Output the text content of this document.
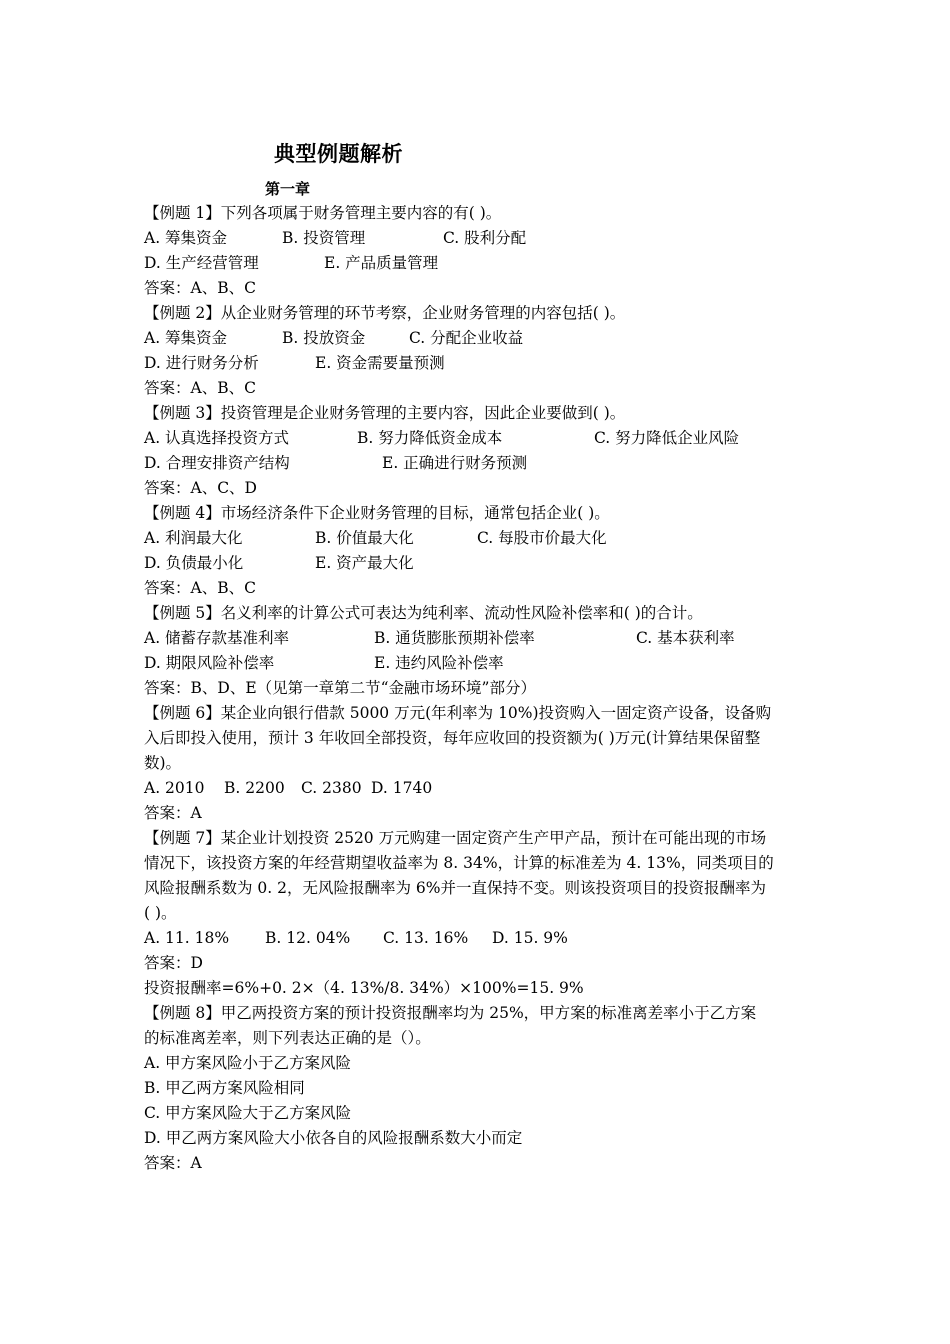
典型例题解析
第一章
【例题 1】下列各项属于财务管理主要内容的有( )。
A. 筹集资金	B. 投资管理	C. 股利分配
D. 生产经营管理	E. 产品质量管理
答案：A、B、C
【例题 2】从企业财务管理的环节考察，企业财务管理的内容包括( )。
A. 筹集资金	B. 投放资金	C. 分配企业收益
D. 进行财务分析	E. 资金需要量预测
答案：A、B、C
【例题 3】投资管理是企业财务管理的主要内容，因此企业要做到( )。
A. 认真选择投资方式	B. 努力降低资金成本	C. 努力降低企业风险
D. 合理安排资产结构	E. 正确进行财务预测
答案：A、C、D
【例题 4】市场经济条件下企业财务管理的目标，通常包括企业( )。
A. 利润最大化	B. 价值最大化	C. 每股市价最大化
D. 负债最小化	E. 资产最大化
答案：A、B、C
【例题 5】名义利率的计算公式可表达为纯利率、流动性风险补偿率和( )的合计。
A. 储蓄存款基准利率	B. 通货膨胀预期补偿率	C. 基本获利率
D. 期限风险补偿率	E. 违约风险补偿率
答案：B、D、E（见第一章第二节“金融市场环境”部分）
【例题 6】某企业向银行借款 5000 万元(年利率为 10%)投资购入一固定资产设备，设备购
入后即投入使用，预计 3 年收回全部投资，每年应收回的投资额为( )万元(计算结果保留整
数)。
A. 2010 B. 2200 C. 2380 D. 1740
答案：A
【例题 7】某企业计划投资 2520 万元购建一固定资产生产甲产品，预计在可能出现的市场
情况下，该投资方案的年经营期望收益率为 8. 34%，计算的标准差为 4. 13%，同类项目的
风险报酬系数为 0. 2，无风险报酬率为 6%并一直保持不变。则该投资项目的投资报酬率为
( )。
A. 11. 18% B. 12. 04% C. 13. 16% D. 15. 9%
答案：D
投资报酬率=6%+0. 2×（4. 13%/8. 34%）×100%=15. 9%
【例题 8】甲乙两投资方案的预计投资报酬率均为 25%，甲方案的标准离差率小于乙方案
的标准离差率，则下列表达正确的是（）。
A. 甲方案风险小于乙方案风险
B. 甲乙两方案风险相同
C. 甲方案风险大于乙方案风险
D. 甲乙两方案风险大小依各自的风险报酬系数大小而定
答案：A
